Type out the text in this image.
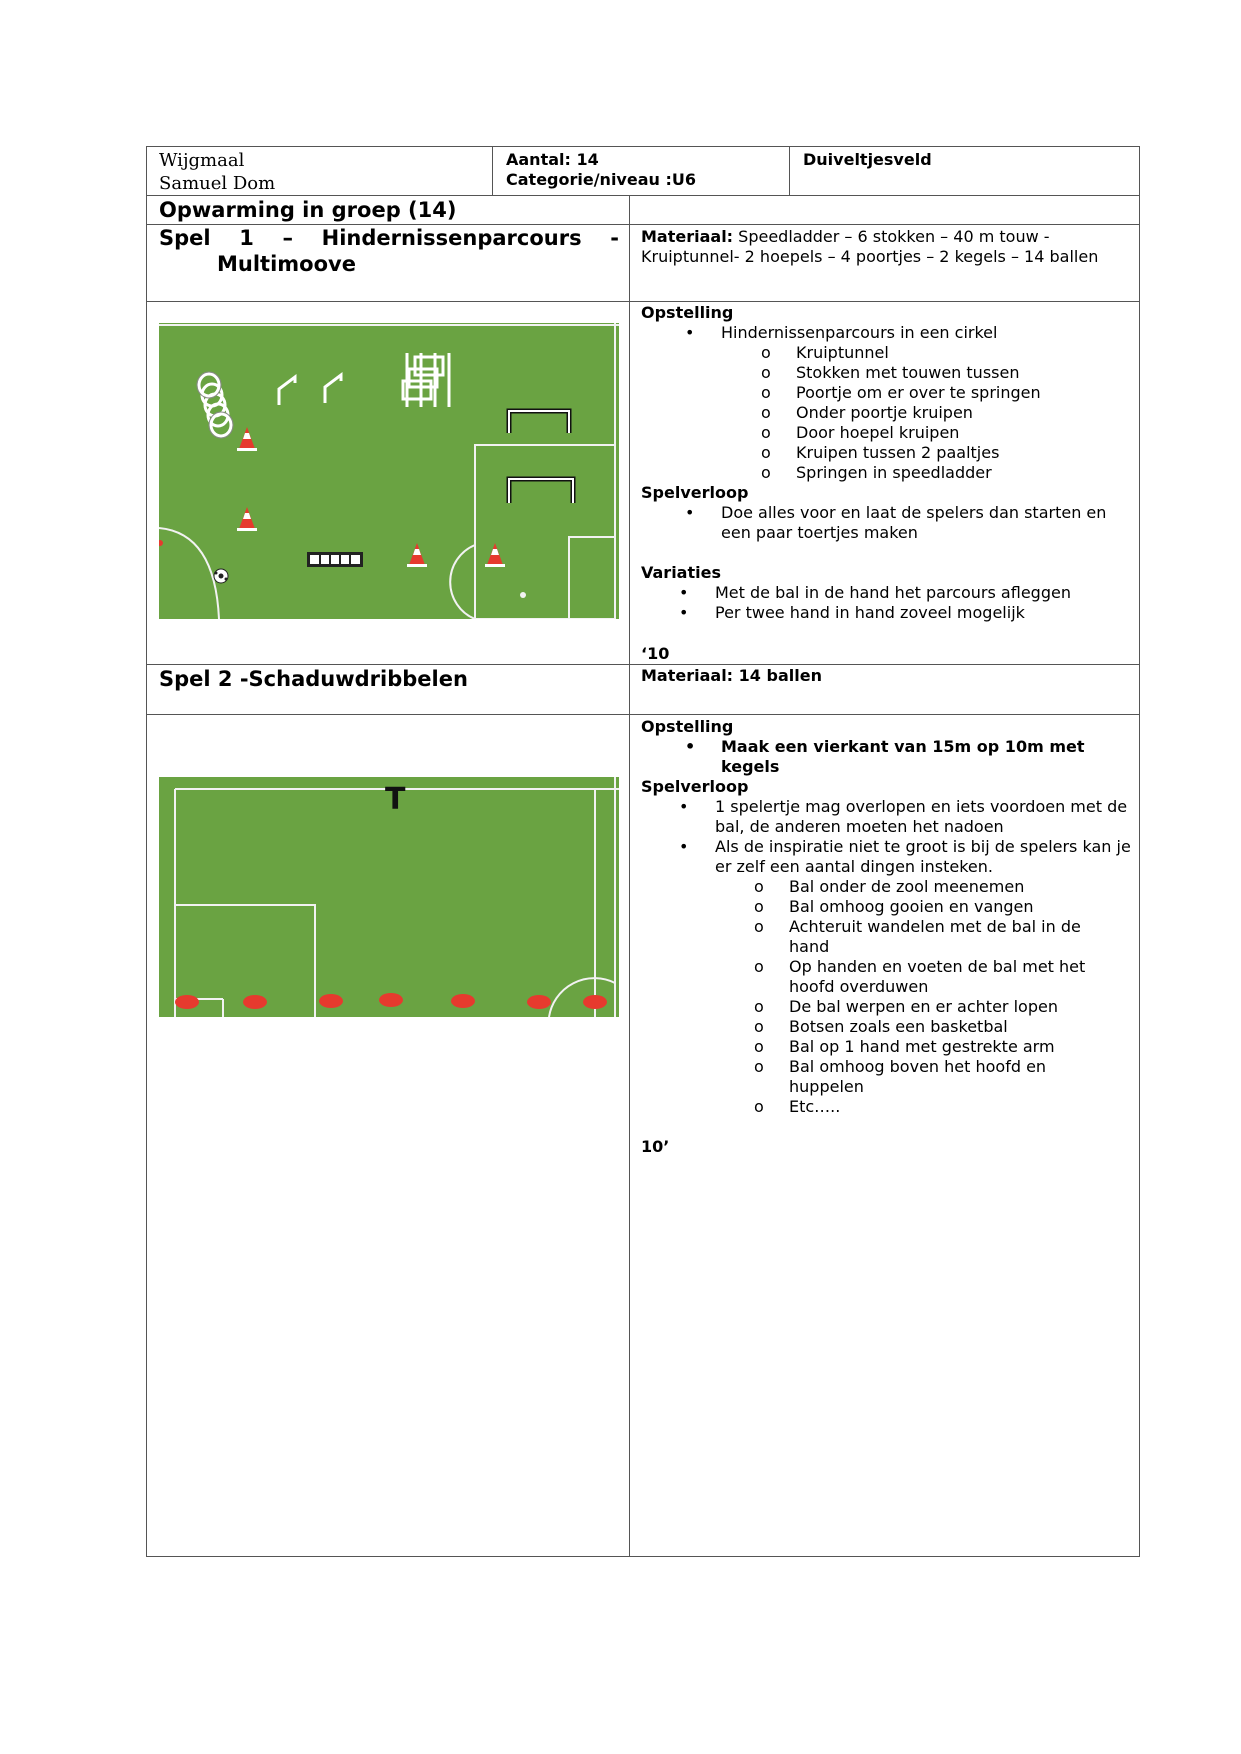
Wijgmaal
Samuel Dom
Aantal: 14
Categorie/niveau :U6
Duiveltjesveld
Opwarming in groep (14)
Spel 1 – Hindernissenparcours -
Multimoove
Materiaal: Speedladder – 6 stokken – 40 m touw - Kruiptunnel- 2 hoepels – 4 poortjes – 2 kegels – 14 ballen
Opstelling
• Hindernissenparcours in een cirkel
o Kruiptunnel
o Stokken met touwen tussen
o Poortje om er over te springen
o Onder poortje kruipen
o Door hoepel kruipen
o Kruipen tussen 2 paaltjes
o Springen in speedladder
Spelverloop
• Doe alles voor en laat de spelers dan starten en een paar toertjes maken
Variaties
• Met de bal in de hand het parcours afleggen
• Per twee hand in hand zoveel mogelijk
‘10
Spel 2 -Schaduwdribbelen	Materiaal: 14 ballen
T
Opstelling
• Maak een vierkant van 15m op 10m met kegels
Spelverloop
• 1 spelertje mag overlopen en iets voordoen met de bal, de anderen moeten het nadoen
• Als de inspiratie niet te groot is bij de spelers kan je er zelf een aantal dingen insteken.
o Bal onder de zool meenemen
o Bal omhoog gooien en vangen
o Achteruit wandelen met de bal in de hand
o Op handen en voeten de bal met het hoofd overduwen
o De bal werpen en er achter lopen
o Botsen zoals een basketbal
o Bal op 1 hand met gestrekte arm
o Bal omhoog boven het hoofd en huppelen
o Etc…..
10’
